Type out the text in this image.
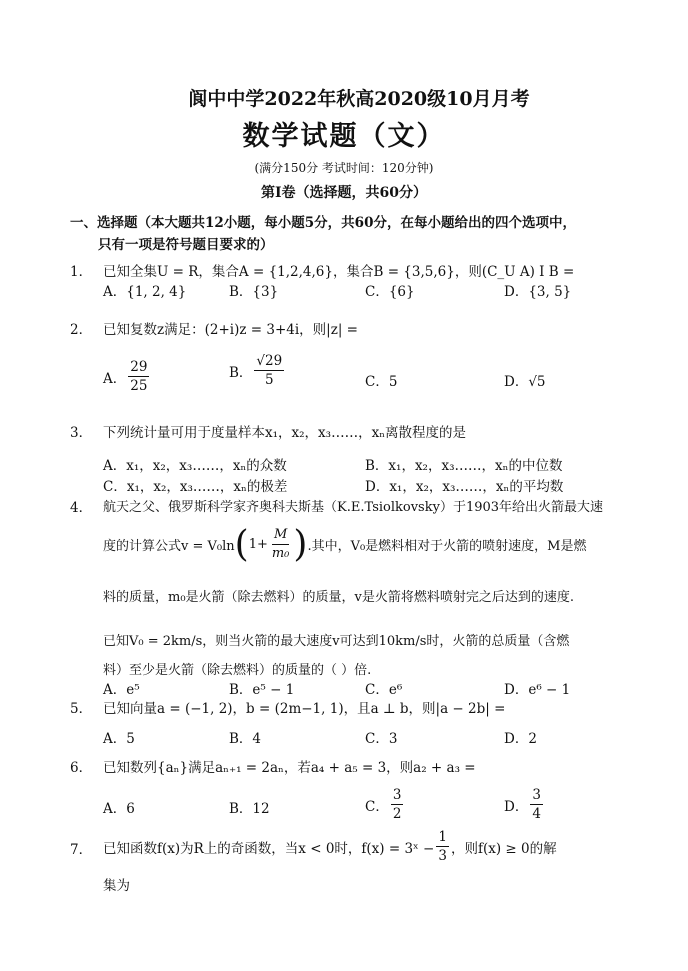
阆中中学2022年秋高2020级10月月考
数学试题（文）
(满分150分 考试时间：120分钟)
第Ⅰ卷（选择题，共60分）
一、选择题（本大题共12小题，每小题5分，共60分，在每小题给出的四个选项中，
只有一项是符号题目要求的）
1． 已知全集U = R，集合A = {1,2,4,6}，集合B = {3,5,6}，则(C_U A) I B =
A．{1, 2, 4}	B．{3}	C．{6}	D．{3, 5}
2． 已知复数z满足：(2+i)z = 3+4i，则|z| =
A． $\frac{29}{25}$	B． $\frac{√29}{5}$	C．5	D．√5
3． 下列统计量可用于度量样本x₁，x₂，x₃……，xₙ离散程度的是
A．x₁，x₂，x₃……，xₙ的众数	B．x₁，x₂，x₃……，xₙ的中位数
C．x₁，x₂，x₃……，xₙ的极差	D．x₁，x₂，x₃……，xₙ的平均数
4． 航天之父、俄罗斯科学家齐奥科夫斯基（K.E.Tsiolkovsky）于1903年给出火箭最大速
度的计算公式v = V₀ln ( $1+ \frac{M}{\text{m₀}}$ ) .其中，V₀是燃料相对于火箭的喷射速度，M是燃
料的质量，m₀是火箭（除去燃料）的质量，v是火箭将燃料喷射完之后达到的速度.
已知V₀ = 2km/s，则当火箭的最大速度v可达到10km/s时，火箭的总质量（含燃
料）至少是火箭（除去燃料）的质量的（ ）倍.
A．e⁵	B．e⁵ − 1	C．e⁶	D．e⁶ − 1
5． 已知向量a = (−1, 2)，b = (2m−1, 1)，且a ⊥ b，则|a − 2b| =
A．5	B．4	C．3	D．2
6． 已知数列{aₙ}满足aₙ₊₁ = 2aₙ，若a₄ + a₅ = 3，则a₂ + a₃ =
A．6	B．12	C． $\frac{3}{2}$	D． $\frac{3}{4}$
7． 已知函数f(x)为R上的奇函数，当x < 0时，f(x) = 3ˣ − $\frac{1}{3}$ ，则f(x) ≥ 0的解
集为
